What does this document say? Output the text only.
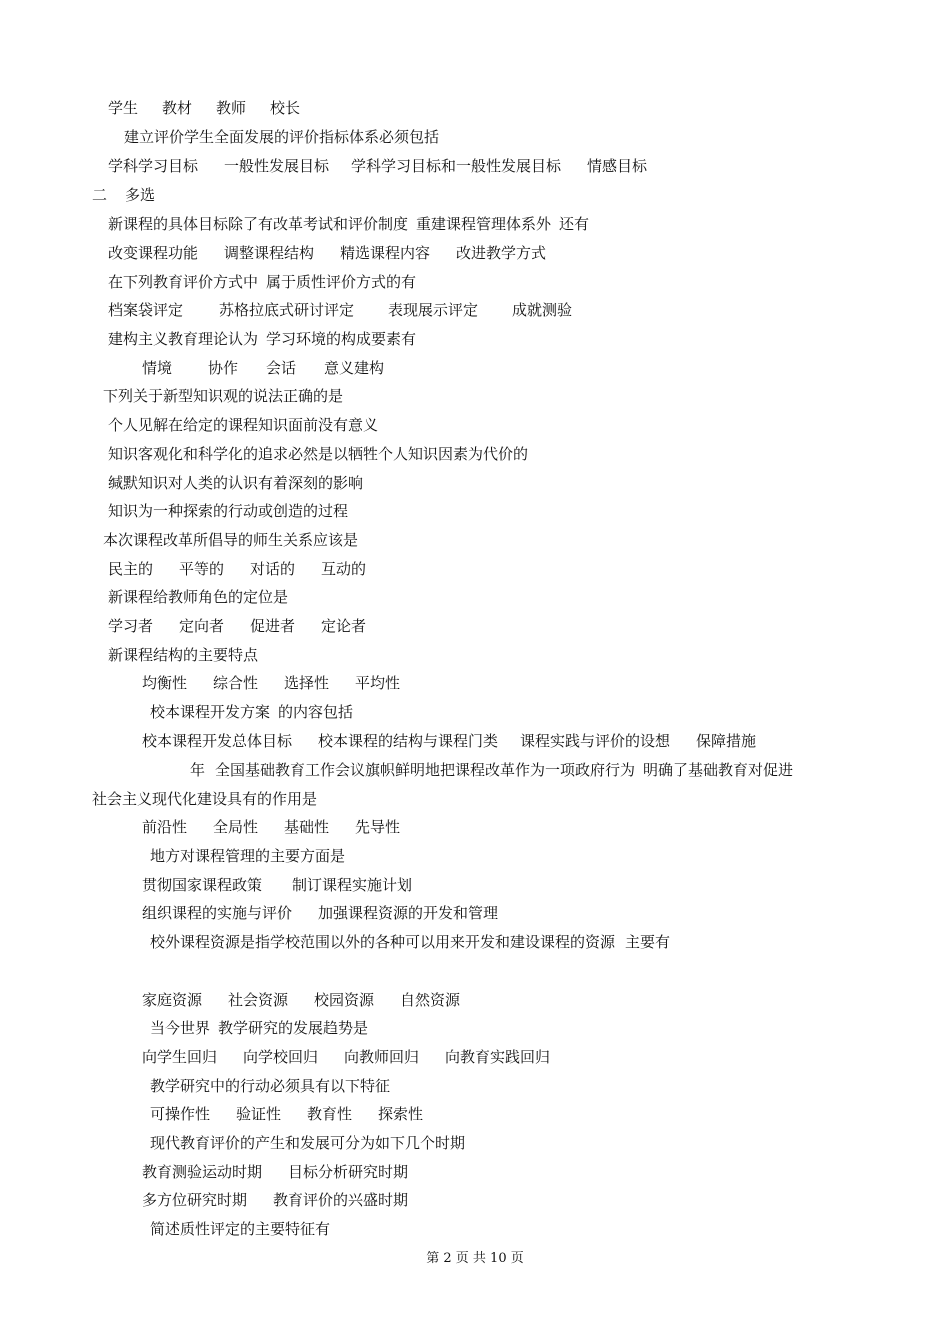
学生 教材 教师 校长
建立评价学生全面发展的评价指标体系必须包括
学科学习目标 一般性发展目标 学科学习目标和一般性发展目标 情感目标
二 多选
新课程的具体目标除了有改革考试和评价制度 重建课程管理体系外 还有
改变课程功能 调整课程结构 精选课程内容 改进教学方式
在下列教育评价方式中 属于质性评价方式的有
档案袋评定 苏格拉底式研讨评定 表现展示评定 成就测验
建构主义教育理论认为 学习环境的构成要素有
情境 协作 会话 意义建构
下列关于新型知识观的说法正确的是
个人见解在给定的课程知识面前没有意义
知识客观化和科学化的追求必然是以牺牲个人知识因素为代价的
缄默知识对人类的认识有着深刻的影响
知识为一种探索的行动或创造的过程
本次课程改革所倡导的师生关系应该是
民主的 平等的 对话的 互动的
新课程给教师角色的定位是
学习者 定向者 促进者 定论者
新课程结构的主要特点
均衡性 综合性 选择性 平均性
校本课程开发方案 的内容包括
校本课程开发总体目标 校本课程的结构与课程门类 课程实践与评价的设想 保障措施
年 全国基础教育工作会议旗帜鲜明地把课程改革作为一项政府行为 明确了基础教育对促进
社会主义现代化建设具有的作用是
前沿性 全局性 基础性 先导性
地方对课程管理的主要方面是
贯彻国家课程政策 制订课程实施计划
组织课程的实施与评价 加强课程资源的开发和管理
校外课程资源是指学校范围以外的各种可以用来开发和建设课程的资源 主要有
家庭资源 社会资源 校园资源 自然资源
当今世界 教学研究的发展趋势是
向学生回归 向学校回归 向教师回归 向教育实践回归
教学研究中的行动必须具有以下特征
可操作性 验证性 教育性 探索性
现代教育评价的产生和发展可分为如下几个时期
教育测验运动时期 目标分析研究时期
多方位研究时期 教育评价的兴盛时期
简述质性评定的主要特征有
第 2 页 共 10 页
